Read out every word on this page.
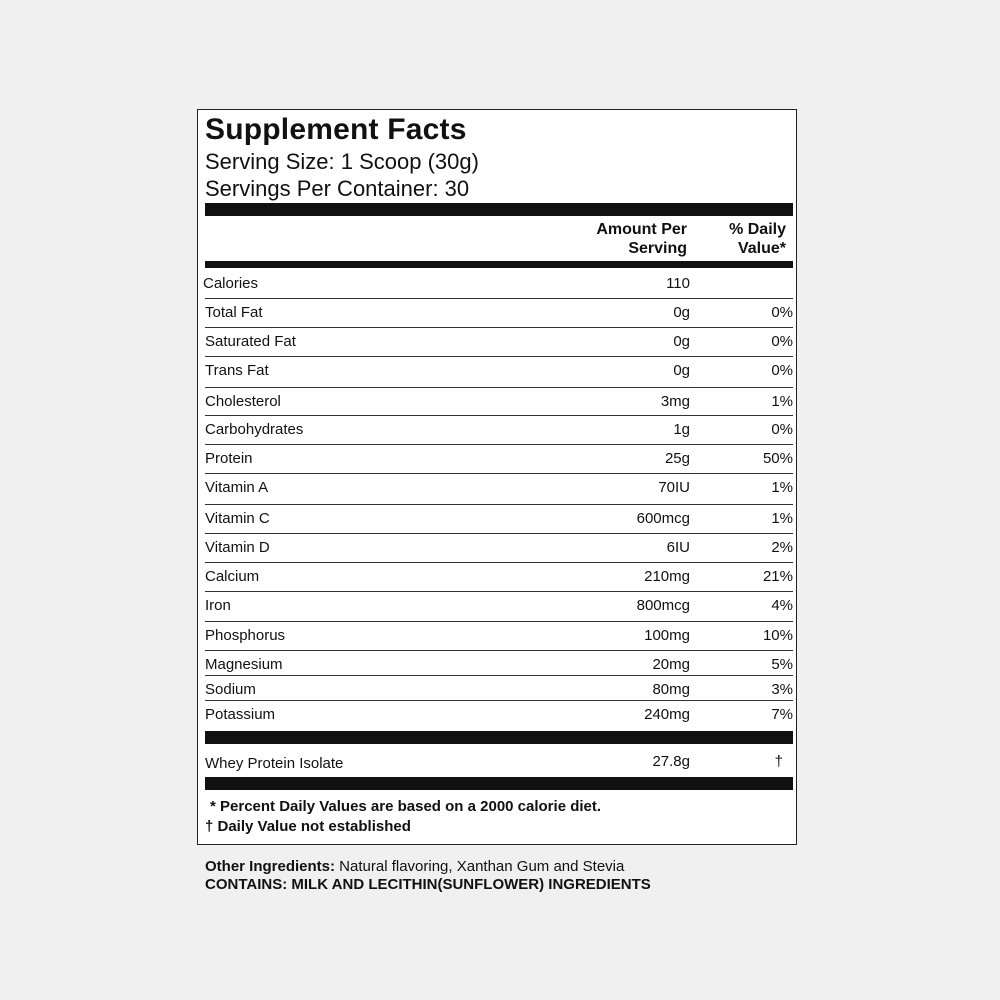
Supplement Facts
Serving Size: 1 Scoop (30g)
Servings Per Container: 30
Amount Per
Serving
% Daily
Value*
Calories	110
Total Fat	0g	0%
Saturated Fat	0g	0%
Trans Fat	0g	0%
Cholesterol	3mg	1%
Carbohydrates	1g	0%
Protein	25g	50%
Vitamin A	70IU	1%
Vitamin C	600mcg	1%
Vitamin D	6IU	2%
Calcium	210mg	21%
Iron	800mcg	4%
Phosphorus	100mg	10%
Magnesium	20mg	5%
Sodium	80mg	3%
Potassium	240mg	7%
Whey Protein Isolate	27.8g	†
* Percent Daily Values are based on a 2000 calorie diet.
† Daily Value not established
Other Ingredients: Natural flavoring, Xanthan Gum and Stevia
CONTAINS: MILK AND LECITHIN(SUNFLOWER) INGREDIENTS
